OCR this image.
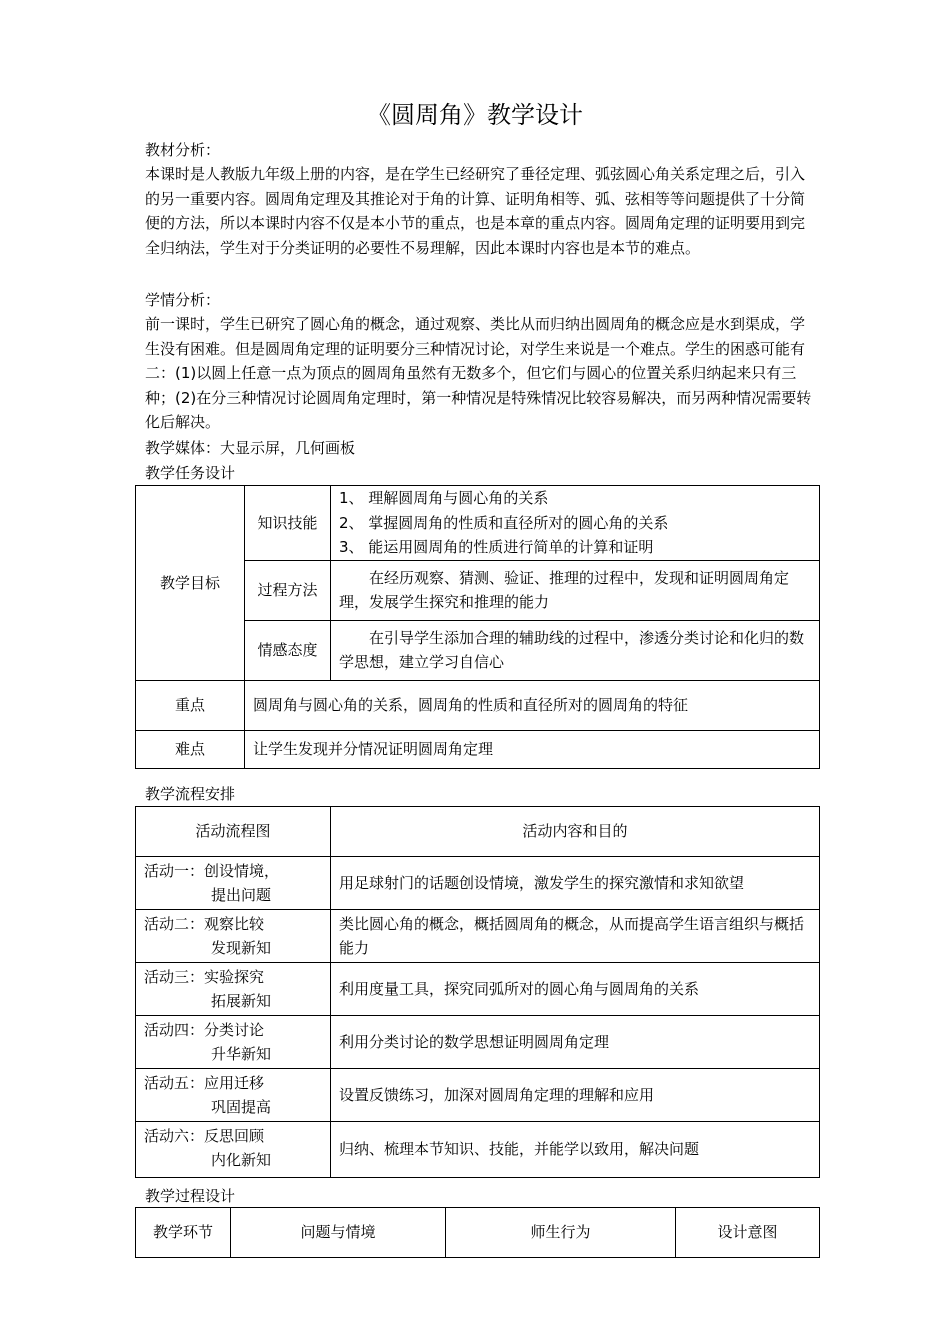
《圆周角》教学设计
教材分析：
本课时是人教版九年级上册的内容，是在学生已经研究了垂径定理、弧弦圆心角关系定理之后，引入的另一重要内容。圆周角定理及其推论对于角的计算、证明角相等、弧、弦相等等问题提供了十分简便的方法，所以本课时内容不仅是本小节的重点，也是本章的重点内容。圆周角定理的证明要用到完全归纳法，学生对于分类证明的必要性不易理解，因此本课时内容也是本节的难点。
学情分析：
前一课时，学生已研究了圆心角的概念，通过观察、类比从而归纳出圆周角的概念应是水到渠成，学生没有困难。但是圆周角定理的证明要分三种情况讨论，对学生来说是一个难点。学生的困惑可能有二：(1)以圆上任意一点为顶点的圆周角虽然有无数多个，但它们与圆心的位置关系归纳起来只有三种；(2)在分三种情况讨论圆周角定理时，第一种情况是特殊情况比较容易解决，而另两种情况需要转化后解决。
教学媒体：大显示屏，几何画板
教学任务设计
教学目标	知识技能	1、 理解圆周角与圆心角的关系
2、 掌握圆周角的性质和直径所对的圆心角的关系
3、 能运用圆周角的性质进行简单的计算和证明

	过程方法	　　在经历观察、猜测、验证、推理的过程中，发现和证明圆周角定理，发展学生探究和推理的能力
	情感态度	　　在引导学生添加合理的辅助线的过程中，渗透分类讨论和化归的数学思想，建立学习自信心
重点	圆周角与圆心角的关系，圆周角的性质和直径所对的圆周角的特征	
难点	让学生发现并分情况证明圆周角定理	
教学流程安排
活动流程图	活动内容和目的

活动一：创设情境，
提出问题	用足球射门的话题创设情境，激发学生的探究激情和求知欲望

活动二：观察比较
发现新知	类比圆心角的概念，概括圆周角的概念，从而提高学生语言组织与概括能力

活动三：实验探究
拓展新知	利用度量工具，探究同弧所对的圆心角与圆周角的关系

活动四：分类讨论
升华新知	利用分类讨论的数学思想证明圆周角定理

活动五：应用迁移
巩固提高	设置反馈练习，加深对圆周角定理的理解和应用

活动六：反思回顾
内化新知	归纳、梳理本节知识、技能，并能学以致用，解决问题
教学过程设计
教学环节	问题与情境	师生行为	设计意图
